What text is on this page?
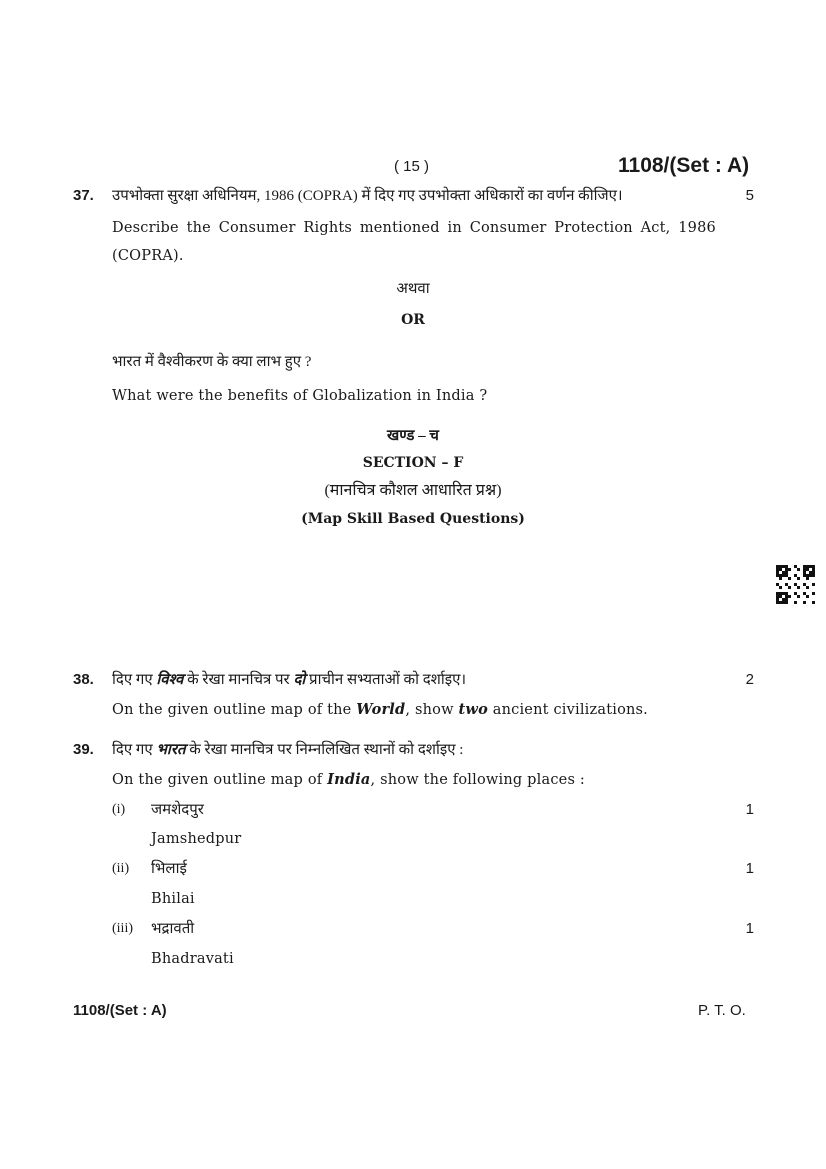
( 15 )	1108/(Set : A)
37. उपभोक्ता सुरक्षा अधिनियम, 1986 (COPRA) में दिए गए उपभोक्ता अधिकारों का वर्णन कीजिए।	5
Describe the Consumer Rights mentioned in Consumer Protection Act, 1986
(COPRA).
अथवा
OR
भारत में वैश्वीकरण के क्या लाभ हुए ?
What were the benefits of Globalization in India ?
खण्ड – च
SECTION – F
(मानचित्र कौशल आधारित प्रश्न)
(Map Skill Based Questions)
38. दिए गए विश्व के रेखा मानचित्र पर दो प्राचीन सभ्यताओं को दर्शाइए।	2
On the given outline map of the World, show two ancient civilizations.
39. दिए गए भारत के रेखा मानचित्र पर निम्नलिखित स्थानों को दर्शाइए :
On the given outline map of India, show the following places :
(i) जमशेदपुर	1
Jamshedpur
(ii) भिलाई	1
Bhilai
(iii) भद्रावती	1
Bhadravati
1108/(Set : A)	P. T. O.
